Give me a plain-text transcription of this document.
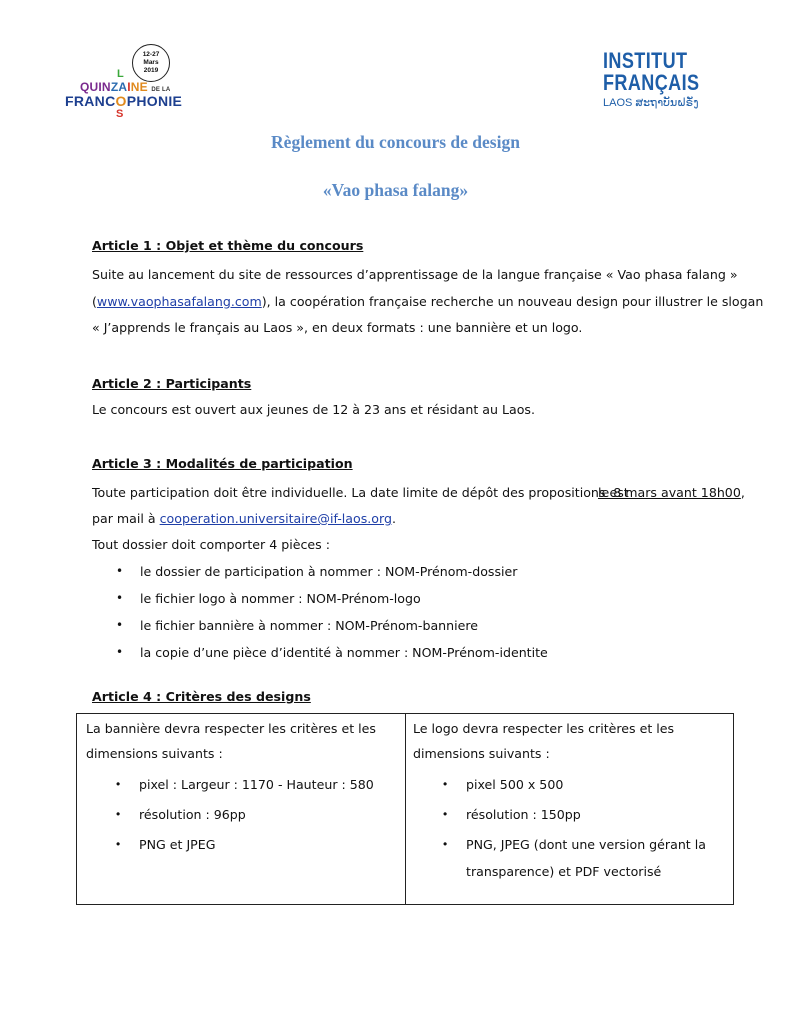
12-27
Mars
2019
L
QUINZAINE DE LA
FRANCOPHONIE
S
INSTITUT
FRANÇAIS
LAOS ສະຖາບັນຝຣັ່ງ
Règlement du concours de design
«Vao phasa falang»
Article 1 : Objet et thème du concours
Suite au lancement du site de ressources d’apprentissage de la langue française « Vao phasa falang »
(www.vaophasafalang.com), la coopération française recherche un nouveau design pour illustrer le slogan
« J’apprends le français au Laos », en deux formats : une bannière et un logo.
Article 2 : Participants
Le concours est ouvert aux jeunes de 12 à 23 ans et résidant au Laos.
Article 3 : Modalités de participation
Toute participation doit être individuelle. La date limite de dépôt des propositions est
le 8 mars avant 18h00,
par mail à cooperation.universitaire@if-laos.org.
Tout dossier doit comporter 4 pièces :
• le dossier de participation à nommer : NOM-Prénom-dossier
• le fichier logo à nommer : NOM-Prénom-logo
• le fichier bannière à nommer : NOM-Prénom-banniere
• la copie d’une pièce d’identité à nommer : NOM-Prénom-identite
Article 4 : Critères des designs
La bannière devra respecter les critères et les
dimensions suivants :
• pixel : Largeur : 1170 - Hauteur : 580
• résolution : 96pp
• PNG et JPEG
Le logo devra respecter les critères et les
dimensions suivants :
• pixel 500 x 500
• résolution : 150pp
• PNG, JPEG (dont une version gérant la
transparence) et PDF vectorisé
